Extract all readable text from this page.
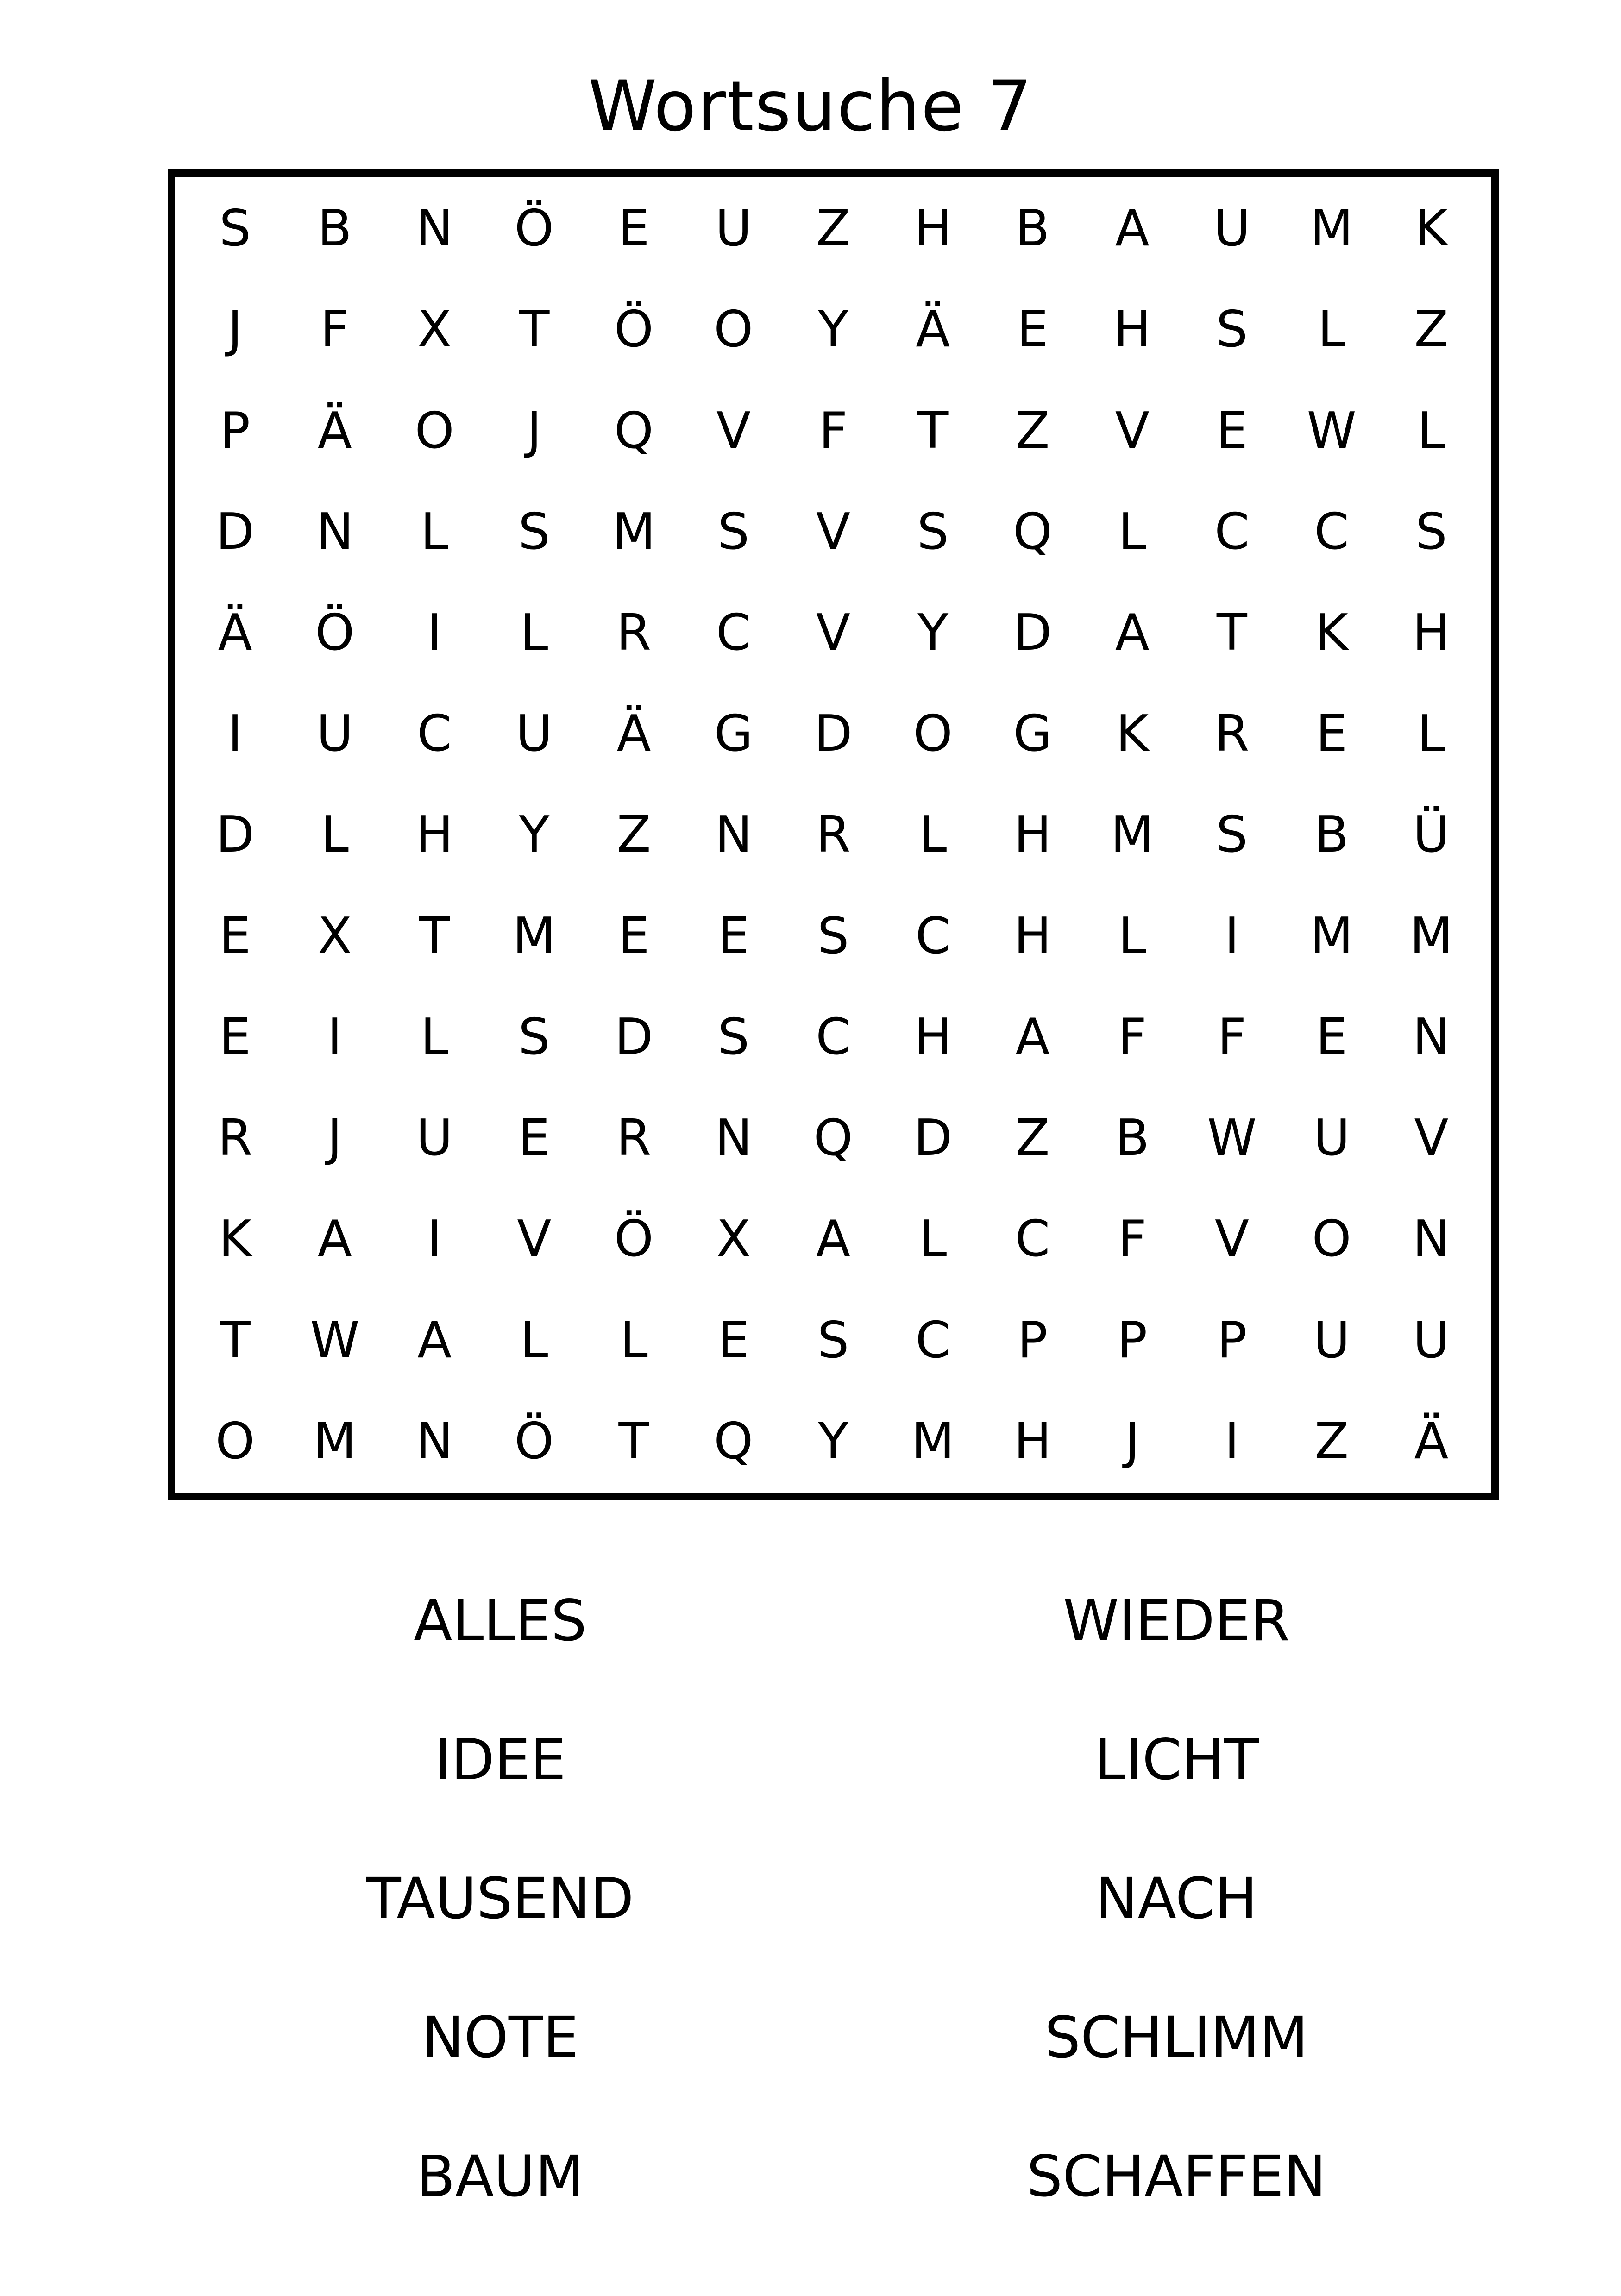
Wortsuche 7
S	B	N	Ö	E	U	Z	H	B	A	U	M	K
J	F	X	T	Ö	O	Y	Ä	E	H	S	L	Z
P	Ä	O	J	Q	V	F	T	Z	V	E	W	L
D	N	L	S	M	S	V	S	Q	L	C	C	S
Ä	Ö	I	L	R	C	V	Y	D	A	T	K	H
I	U	C	U	Ä	G	D	O	G	K	R	E	L
D	L	H	Y	Z	N	R	L	H	M	S	B	Ü
E	X	T	M	E	E	S	C	H	L	I	M	M
E	I	L	S	D	S	C	H	A	F	F	E	N
R	J	U	E	R	N	Q	D	Z	B	W	U	V
K	A	I	V	Ö	X	A	L	C	F	V	O	N
T	W	A	L	L	E	S	C	P	P	P	U	U
O	M	N	Ö	T	Q	Y	M	H	J	I	Z	Ä
ALLES
IDEE
TAUSEND
NOTE
BAUM
WIEDER
LICHT
NACH
SCHLIMM
SCHAFFEN
